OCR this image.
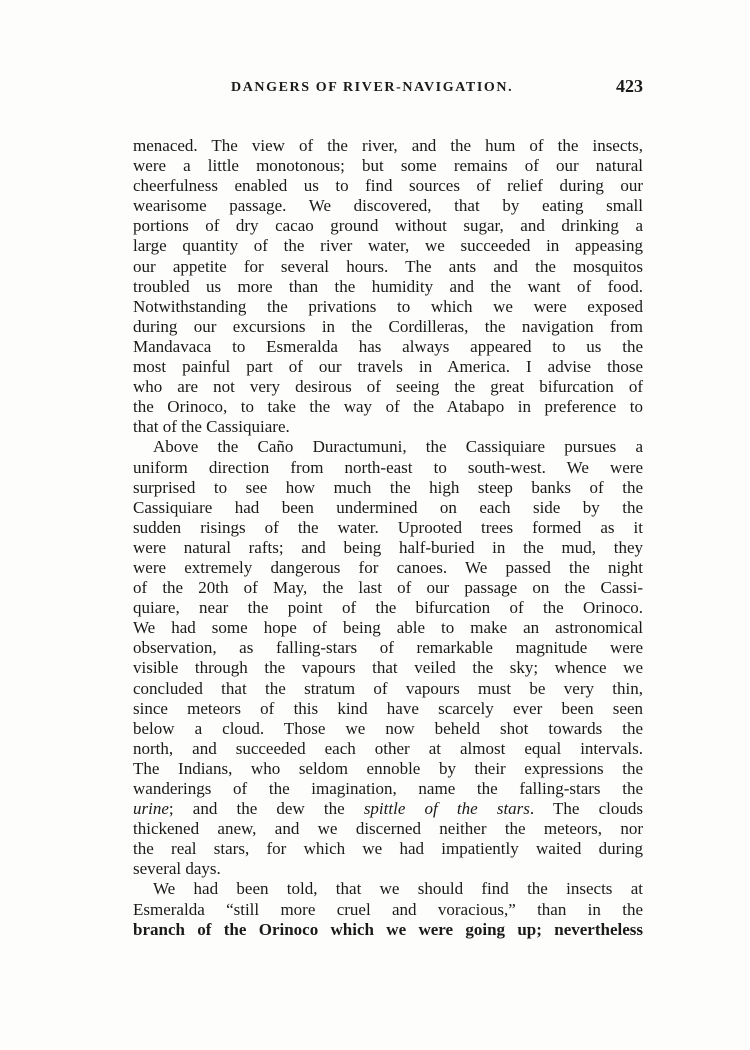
DANGERS OF RIVER-NAVIGATION.	423
menaced. The view of the river, and the hum of the insects,
were a little monotonous; but some remains of our natural
cheerfulness enabled us to find sources of relief during our
wearisome passage. We discovered, that by eating small
portions of dry cacao ground without sugar, and drinking a
large quantity of the river water, we succeeded in appeasing
our appetite for several hours. The ants and the mosquitos
troubled us more than the humidity and the want of food.
Notwithstanding the privations to which we were exposed
during our excursions in the Cordilleras, the navigation from
Mandavaca to Esmeralda has always appeared to us the
most painful part of our travels in America. I advise those
who are not very desirous of seeing the great bifurcation of
the Orinoco, to take the way of the Atabapo in preference to
that of the Cassiquiare.
Above the Caño Duractumuni, the Cassiquiare pursues a
uniform direction from north-east to south-west. We were
surprised to see how much the high steep banks of the
Cassiquiare had been undermined on each side by the
sudden risings of the water. Uprooted trees formed as it
were natural rafts; and being half-buried in the mud, they
were extremely dangerous for canoes. We passed the night
of the 20th of May, the last of our passage on the Cassi-
quiare, near the point of the bifurcation of the Orinoco.
We had some hope of being able to make an astronomical
observation, as falling-stars of remarkable magnitude were
visible through the vapours that veiled the sky; whence we
concluded that the stratum of vapours must be very thin,
since meteors of this kind have scarcely ever been seen
below a cloud. Those we now beheld shot towards the
north, and succeeded each other at almost equal intervals.
The Indians, who seldom ennoble by their expressions the
wanderings of the imagination, name the falling-stars the
urine; and the dew the spittle of the stars. The clouds
thickened anew, and we discerned neither the meteors, nor
the real stars, for which we had impatiently waited during
several days.
We had been told, that we should find the insects at
Esmeralda “still more cruel and voracious,” than in the
branch of the Orinoco which we were going up; nevertheless
